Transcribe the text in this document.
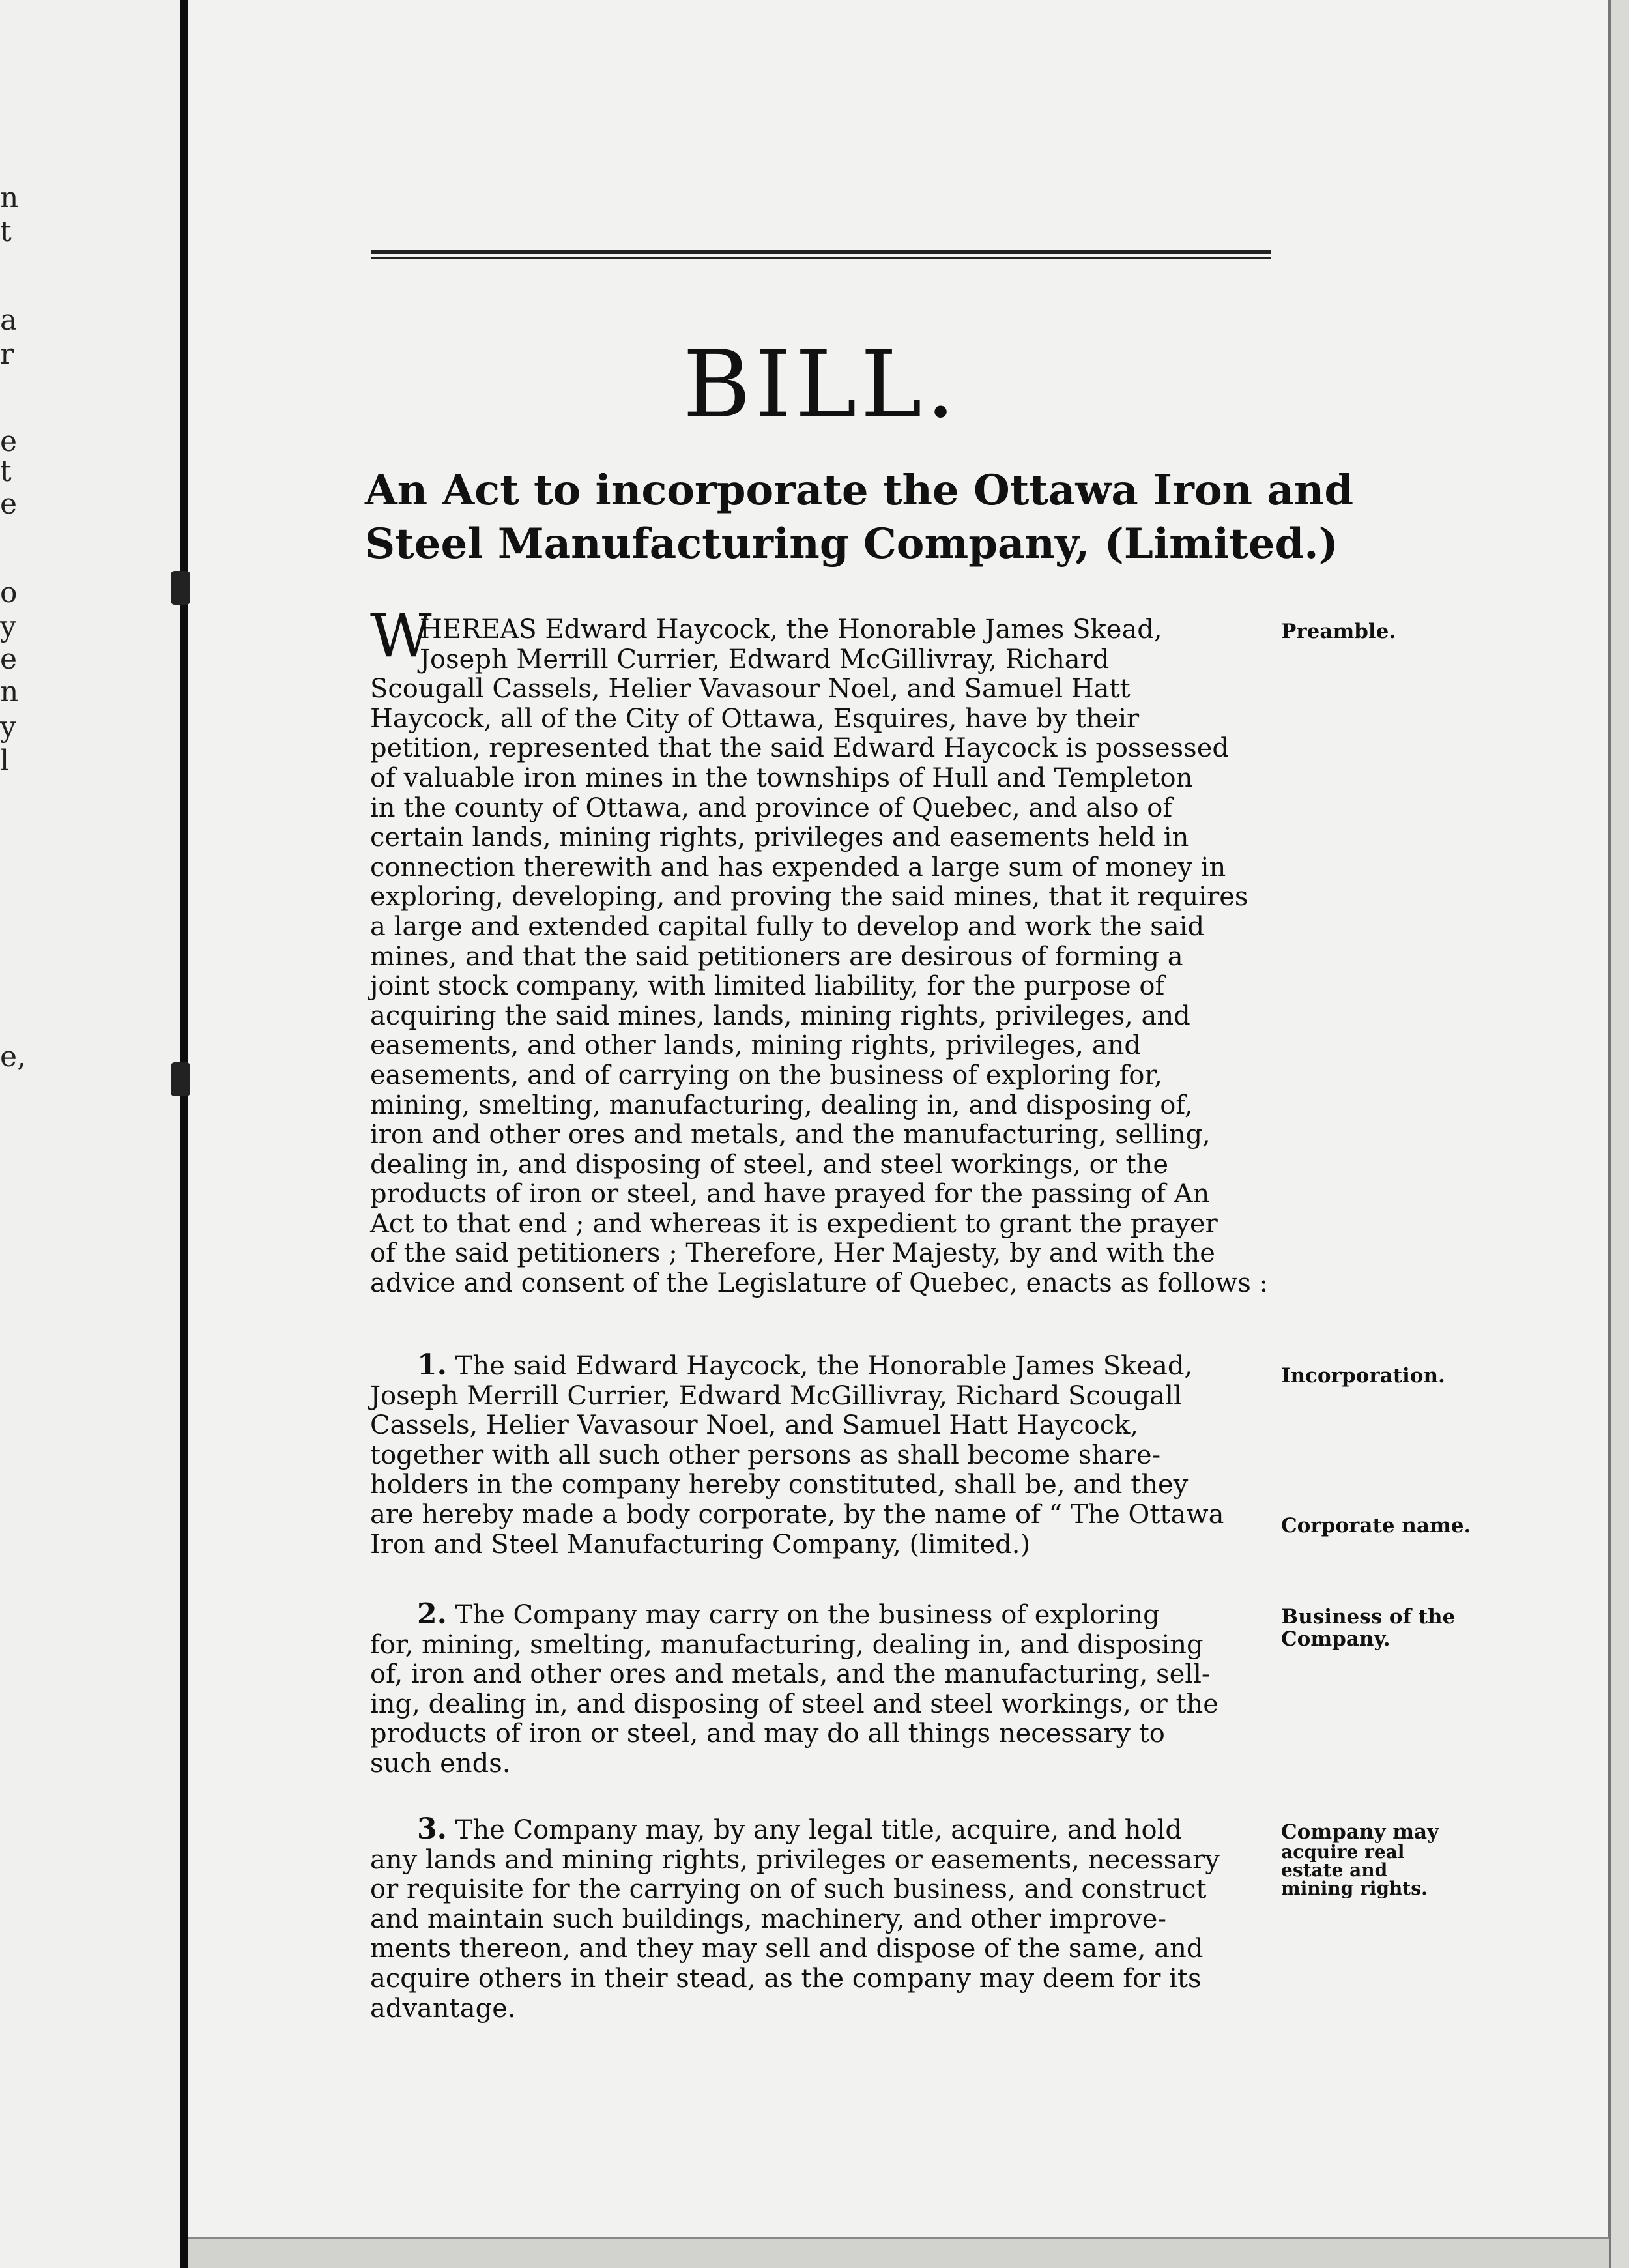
n
t
a
r
e
t
e
o
y
e
n
y
l
e,
BILL.
An Act to incorporate the Ottawa Iron and
Steel Manufacturing Company, (Limited.)
W
HEREAS Edward Haycock, the Honorable James Skead,
Joseph Merrill Currier, Edward McGillivray, Richard
Scougall Cassels, Helier Vavasour Noel, and Samuel Hatt
Haycock, all of the City of Ottawa, Esquires, have by their
petition, represented that the said Edward Haycock is possessed
of valuable iron mines in the townships of Hull and Templeton
in the county of Ottawa, and province of Quebec, and also of
certain lands, mining rights, privileges and easements held in
connection therewith and has expended a large sum of money in
exploring, developing, and proving the said mines, that it requires
a large and extended capital fully to develop and work the said
mines, and that the said petitioners are desirous of forming a
joint stock company, with limited liability, for the purpose of
acquiring the said mines, lands, mining rights, privileges, and
easements, and other lands, mining rights, privileges, and
easements, and of carrying on the business of exploring for,
mining, smelting, manufacturing, dealing in, and disposing of,
iron and other ores and metals, and the manufacturing, selling,
dealing in, and disposing of steel, and steel workings, or the
products of iron or steel, and have prayed for the passing of An
Act to that end ; and whereas it is expedient to grant the prayer
of the said petitioners ; Therefore, Her Majesty, by and with the
advice and consent of the Legislature of Quebec, enacts as follows :
1. The said Edward Haycock, the Honorable James Skead,
Joseph Merrill Currier, Edward McGillivray, Richard Scougall
Cassels, Helier Vavasour Noel, and Samuel Hatt Haycock,
together with all such other persons as shall become share-
holders in the company hereby constituted, shall be, and they
are hereby made a body corporate, by the name of “ The Ottawa
Iron and Steel Manufacturing Company, (limited.)
2. The Company may carry on the business of exploring
for, mining, smelting, manufacturing, dealing in, and disposing
of, iron and other ores and metals, and the manufacturing, sell-
ing, dealing in, and disposing of steel and steel workings, or the
products of iron or steel, and may do all things necessary to
such ends.
3. The Company may, by any legal title, acquire, and hold
any lands and mining rights, privileges or easements, necessary
or requisite for the carrying on of such business, and construct
and maintain such buildings, machinery, and other improve-
ments thereon, and they may sell and dispose of the same, and
acquire others in their stead, as the company may deem for its
advantage.
Preamble.
Incorporation.
Corporate name.
Business of the
Company.
Company may
acquire real
estate and
mining rights.
